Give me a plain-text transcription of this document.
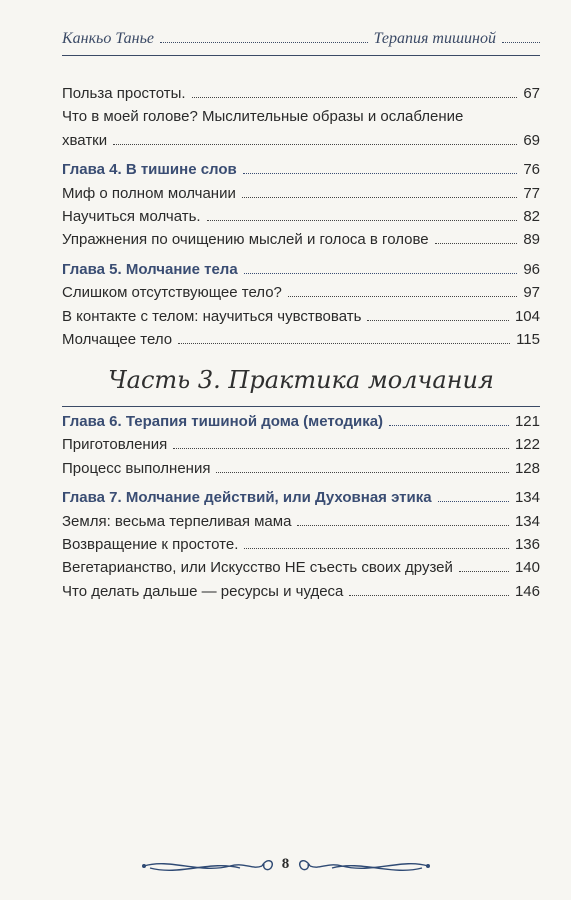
Канкьо Танье	Терапия тишиной
Польза простоты.	67
Что в моей голове? Мыслительные образы и ослабление
хватки	69
Глава 4. В тишине слов	76
Миф о полном молчании	77
Научиться молчать.	82
Упражнения по очищению мыслей и голоса в голове	89
Глава 5. Молчание тела	96
Слишком отсутствующее тело?	97
В контакте с телом: научиться чувствовать	104
Молчащее тело	115
Часть 3. Практика молчания
Глава 6. Терапия тишиной дома (методика)	121
Приготовления	122
Процесс выполнения	128
Глава 7. Молчание действий, или Духовная этика	134
Земля: весьма терпеливая мама	134
Возвращение к простоте.	136
Вегетарианство, или Искусство НЕ съесть своих друзей	140
Что делать дальше — ресурсы и чудеса	146
8
